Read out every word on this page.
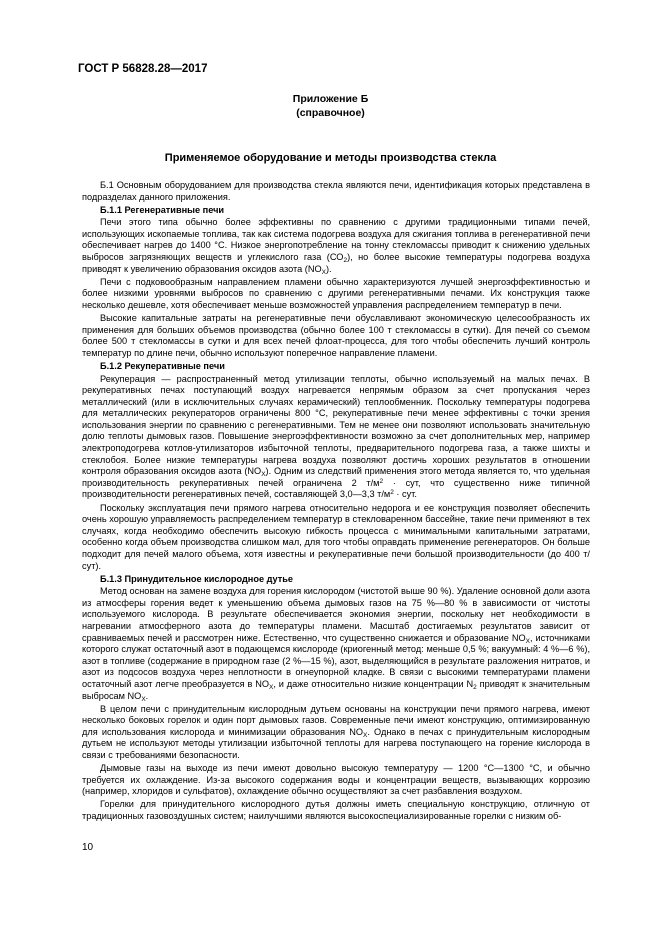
ГОСТ Р 56828.28—2017
Приложение Б
(справочное)
Применяемое оборудование и методы производства стекла

Б.1 Основным оборудованием для производства стекла являются печи, идентификация которых представлена в подразделах данного приложения.

Б.1.1 Регенеративные печи

Печи этого типа обычно более эффективны по сравнению с другими традиционными типами печей, использующих ископаемые топлива, так как система подогрева воздуха для сжигания топлива в регенеративной печи обеспечивает нагрев до 1400 °С. Низкое энергопотребление на тонну стекломассы приводит к снижению удельных выбросов загрязняющих веществ и углекислого газа $(СО_2)$, но более высокие температуры подогрева воздуха приводят к увеличению образования оксидов азота $(NO_X)$.

Печи с подковообразным направлением пламени обычно характеризуются лучшей энергоэффективностью и более низкими уровнями выбросов по сравнению с другими регенеративными печами. Их конструкция также несколько дешевле, хотя обеспечивает меньше возможностей управления распределением температур в печи.

Высокие капитальные затраты на регенеративные печи обуславливают экономическую целесообразность их применения для больших объемов производства (обычно более 100 т стекломассы в сутки). Для печей со съемом более 500 т стекломассы в сутки и для всех печей флоат-процесса, для того чтобы обеспечить лучший контроль температур по длине печи, обычно используют поперечное направление пламени.

Б.1.2 Рекуперативные печи

Рекуперация — распространенный метод утилизации теплоты, обычно используемый на малых печах. В рекуперативных печах поступающий воздух нагревается непрямым образом за счет пропускания через металлический (или в исключительных случаях керамический) теплообменник. Поскольку температуры подогрева для металлических рекуператоров ограничены 800 °С, рекуперативные печи менее эффективны с точки зрения использования энергии по сравнению с регенеративными. Тем не менее они позволяют использовать значительную долю теплоты дымовых газов. Повышение энергоэффективности возможно за счет дополнительных мер, например электроподогрева котлов-утилизаторов избыточной теплоты, предварительного подогрева газа, а также шихты и стеклобоя. Более низкие температуры нагрева воздуха позволяют достичь хороших результатов в отношении контроля образования оксидов азота $(NO_X)$. Одним из следствий применения этого метода является то, что удельная производительность рекуперативных печей ограничена 2 $т/м^2$ · сут, что существенно ниже типичной производительности регенеративных печей, составляющей 3,0—3,3 $т/м^2$ · сут.

Поскольку эксплуатация печи прямого нагрева относительно недорога и ее конструкция позволяет обеспечить очень хорошую управляемость распределением температур в стекловаренном бассейне, такие печи применяют в тех случаях, когда необходимо обеспечить высокую гибкость процесса с минимальными капитальными затратами, особенно когда объем производства слишком мал, для того чтобы оправдать применение регенераторов. Он больше подходит для печей малого объема, хотя известны и рекуперативные печи большой производительности (до 400 т/сут).

Б.1.3 Принудительное кислородное дутье

Метод основан на замене воздуха для горения кислородом (чистотой выше 90 %). Удаление основной доли азота из атмосферы горения ведет к уменьшению объема дымовых газов на 75 %—80 % в зависимости от чистоты используемого кислорода. В результате обеспечивается экономия энергии, поскольку нет необходимости в нагревании атмосферного азота до температуры пламени. Масштаб достигаемых результатов зависит от сравниваемых печей и рассмотрен ниже. Естественно, что существенно снижается и образование $NO_X$, источниками которого служат остаточный азот в подающемся кислороде (криогенный метод: меньше 0,5 %; вакуумный: 4 %—6 %), азот в топливе (содержание в природном газе (2 %—15 %), азот, выделяющийся в результате разложения нитратов, и азот из подсосов воздуха через неплотности в огнеупорной кладке. В связи с высокими температурами пламени остаточный азот легче преобразуется в $NO_X$, и даже относительно низкие концентрации $N_2$ приводят к значительным выбросам $NO_X$.

В целом печи с принудительным кислородным дутьем основаны на конструкции печи прямого нагрева, имеют несколько боковых горелок и один порт дымовых газов. Современные печи имеют конструкцию, оптимизированную для использования кислорода и минимизации образования $NO_X$. Однако в печах с принудительным кислородным дутьем не используют методы утилизации избыточной теплоты для нагрева поступающего на горение кислорода в связи с требованиями безопасности.

Дымовые газы на выходе из печи имеют довольно высокую температуру — 1200 °С—1300 °С, и обычно требуется их охлаждение. Из-за высокого содержания воды и концентрации веществ, вызывающих коррозию (например, хлоридов и сульфатов), охлаждение обычно осуществляют за счет разбавления воздухом.

Горелки для принудительного кислородного дутья должны иметь специальную конструкцию, отличную от традиционных газовоздушных систем; наилучшими являются высокоспециализированные горелки с низким об-

10
